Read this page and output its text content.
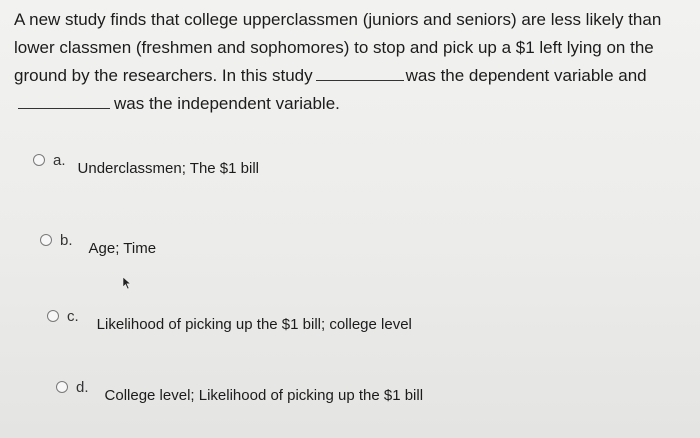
A new study finds that college upperclassmen (juniors and seniors) are less likely than
lower classmen (freshmen and sophomores) to stop and pick up a $1 left lying on the
ground by the researchers. In this study	was the dependent variable and
was the independent variable.
a. Underclassmen; The $1 bill
b. Age; Time
c. Likelihood of picking up the $1 bill; college level
d. College level; Likelihood of picking up the $1 bill
